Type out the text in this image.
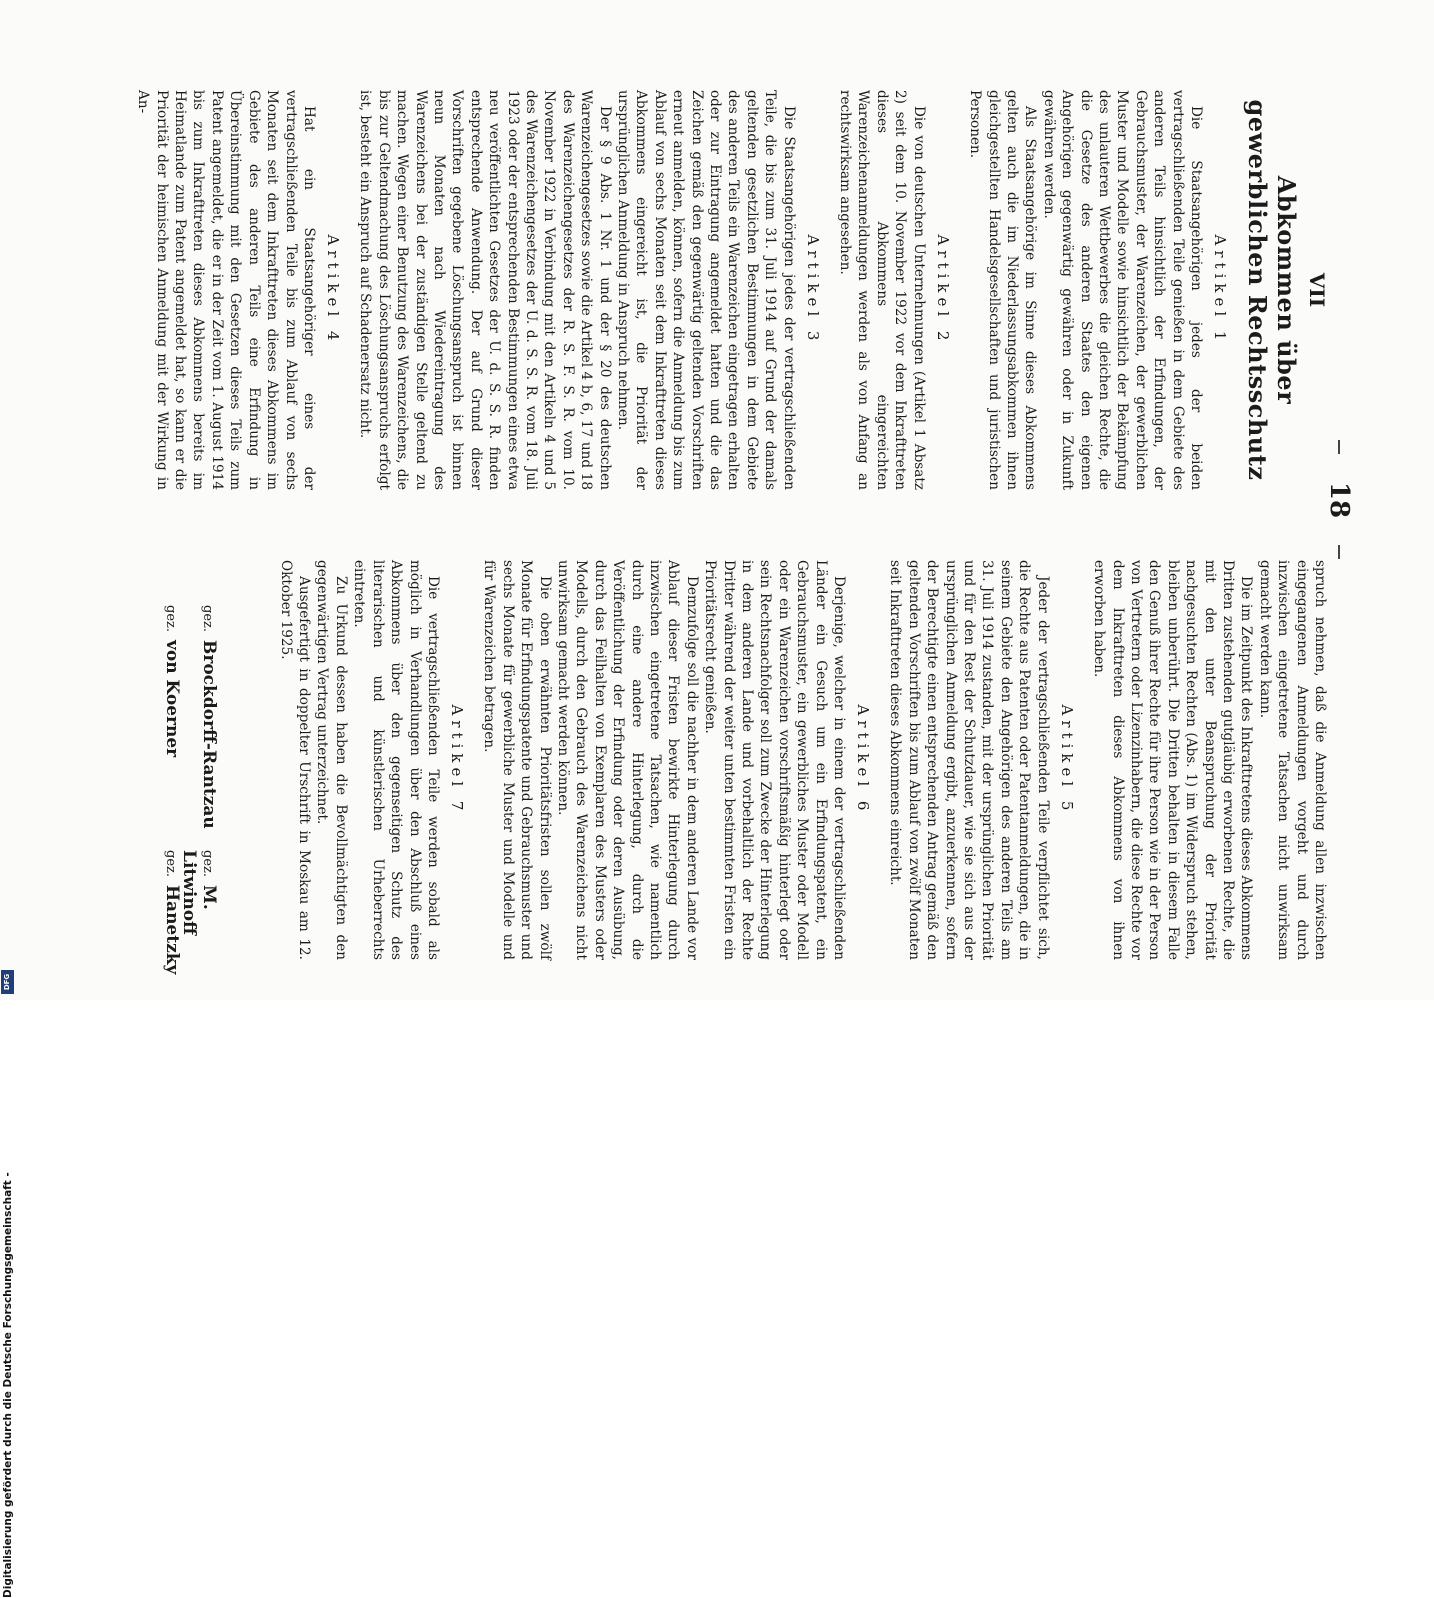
18

VII

Abkommen über gewerblichen Rechtsschutz

Artikel 1

Die Staatsangehörigen jedes der beiden vertragschließenden Teile genießen in dem Gebiete des anderen Teils hinsichtlich der Erfindungen, der Gebrauchsmuster, der Warenzeichen, der gewerblichen Muster und Modelle sowie hinsichtlich der Bekämpfung des unlauteren Wettbewerbes die gleichen Rechte, die die Gesetze des anderen Staates den eigenen Angehörigen gegenwärtig gewähren oder in Zukunft gewähren werden.

Als Staatsangehörige im Sinne dieses Abkommens gelten auch die im Niederlassungsabkommen ihnen gleichgestellten Handelsgesellschaften und juristischen Personen.

Artikel 2

Die von deutschen Unternehmungen (Artikel 1 Absatz 2) seit dem 10. November 1922 vor dem Inkrafttreten dieses Abkommens eingereichten Warenzeichenanmeldungen werden als von Anfang an rechtswirksam angesehen.

Artikel 3

Die Staatsangehörigen jedes der vertragschließenden Teile, die bis zum 31. Juli 1914 auf Grund der damals geltenden gesetzlichen Bestimmungen in dem Gebiete des anderen Teils ein Warenzeichen eingetragen erhalten oder zur Eintragung angemeldet hatten und die das Zeichen gemäß den gegenwärtig geltenden Vorschriften erneut anmelden, können, sofern die Anmeldung bis zum Ablauf von sechs Monaten seit dem Inkrafttreten dieses Abkommens eingereicht ist, die Priorität der ursprünglichen Anmeldung in Anspruch nehmen.

Der § 9 Abs. 1 Nr. 1 und der § 20 des deutschen Warenzeichengesetzes sowie die Artikel 4 b, 6, 17 und 18 des Warenzeichengesetzes der R. S. F. S. R. vom 10. November 1922 in Verbindung mit den Artikeln 4 und 5 des Warenzeichengesetzes der U. d. S. S. R. vom 18. Juli 1923 oder der entsprechenden Bestimmungen eines etwa neu veröffentlichten Gesetzes der U. d. S. S. R. finden entsprechende Anwendung. Der auf Grund dieser Vorschriften gegebene Löschungsanspruch ist binnen neun Monaten nach Wiedereintragung des Warenzeichens bei der zuständigen Stelle geltend zu machen. Wegen einer Benutzung des Warenzeichens, die bis zur Geltendmachung des Löschungsanspruchs erfolgt ist, besteht ein Anspruch auf Schadenersatz nicht.

Artikel 4

Hat ein Staatsangehöriger eines der vertragschließenden Teile bis zum Ablauf von sechs Monaten seit dem Inkrafttreten dieses Abkommens im Gebiete des anderen Teils eine Erfindung in Übereinstimmung mit den Gesetzen dieses Teils zum Patent angemeldet, die er in der Zeit vom 1. August 1914 bis zum Inkrafttreten dieses Abkommens bereits im Heimatlande zum Patent angemeldet hat, so kann er die Priorität der heimischen Anmeldung mit der Wirkung in An-

spruch nehmen, daß die Anmeldung allen inzwischen eingegangenen Anmeldungen vorgeht und durch inzwischen eingetretene Tatsachen nicht unwirksam gemacht werden kann.

Die im Zeitpunkt des Inkrafttretens dieses Abkommens Dritten zustehenden gutgläubig erworbenen Rechte, die mit den unter Beanspruchung der Priorität nachgesuchten Rechten (Abs. 1) im Widerspruch stehen, bleiben unberührt. Die Dritten behalten in diesem Falle den Genuß ihrer Rechte für ihre Person wie in der Person von Vertretern oder Lizenzinhabern, die diese Rechte vor dem Inkrafttreten dieses Abkommens von ihnen erworben haben.

Artikel 5

Jeder der vertragschließenden Teile verpflichtet sich, die Rechte aus Patenten oder Patentanmeldungen, die in seinem Gebiete den Angehörigen des anderen Teils am 31. Juli 1914 zustanden, mit der ursprünglichen Priorität und für den Rest der Schutzdauer, wie sie sich aus der ursprünglichen Anmeldung ergibt, anzuerkennen, sofern der Berechtigte einen entsprechenden Antrag gemäß den geltenden Vorschriften bis zum Ablauf von zwölf Monaten seit Inkrafttreten dieses Abkommens einreicht.

Artikel 6

Derjenige, welcher in einem der vertragschließenden Länder ein Gesuch um ein Erfindungspatent, ein Gebrauchsmuster, ein gewerbliches Muster oder Modell oder ein Warenzeichen vorschriftsmäßig hinterlegt oder sein Rechtsnachfolger soll zum Zwecke der Hinterlegung in dem anderen Lande und vorbehaltlich der Rechte Dritter während der weiter unten bestimmten Fristen ein Prioritätsrecht genießen.

Demzufolge soll die nachher in dem anderen Lande vor Ablauf dieser Fristen bewirkte Hinterlegung durch inzwischen eingetretene Tatsachen, wie namentlich durch eine andere Hinterlegung, durch die Veröffentlichung der Erfindung oder deren Ausübung, durch das Feilhalten von Exemplaren des Musters oder Modells, durch den Gebrauch des Warenzeichens nicht unwirksam gemacht werden können.

Die oben erwähnten Prioritätsfristen sollen zwölf Monate für Erfindungspatente und Gebrauchsmuster und sechs Monate für gewerbliche Muster und Modelle und für Warenzeichen betragen.

Artikel 7

Die vertragschließenden Teile werden sobald als möglich in Verhandlungen über den Abschluß eines Abkommens über den gegenseitigen Schutz des literarischen und künstlerischen Urheberrechts eintreten.

Zu Urkund dessen haben die Bevollmächtigten den gegenwärtigen Vertrag unterzeichnet.

Ausgefertigt in doppelter Urschrift in Moskau am 12. Oktober 1925.

gez.Brockdorff-Rantzau
gez.M. Litwinoff
gez.von Koerner
gez.Hanetzky
Digitalisierung gefördert durch die Deutsche Forschungsgemeinschaft -
DFG
